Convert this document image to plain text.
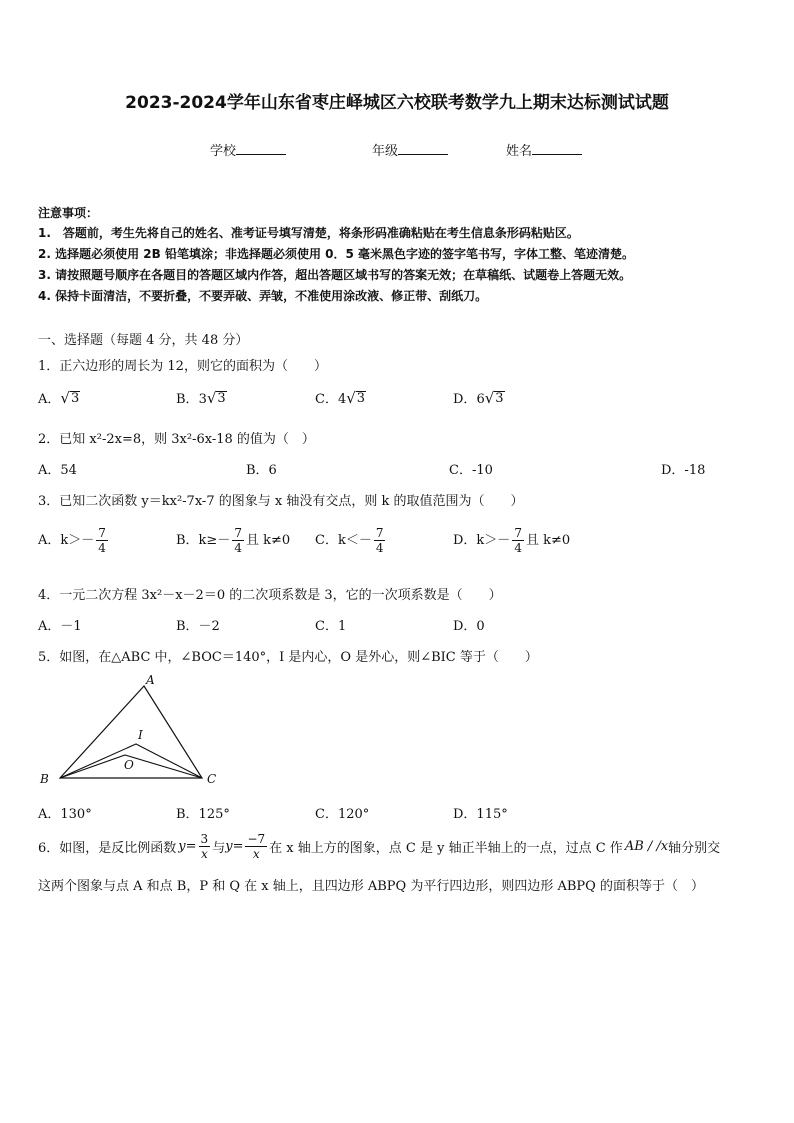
2023-2024学年山东省枣庄峄城区六校联考数学九上期末达标测试试题
学校	年级	姓名
注意事项：
1.　答题前，考生先将自己的姓名、准考证号填写清楚，将条形码准确粘贴在考生信息条形码粘贴区。
2. 选择题必须使用 2B 铅笔填涂；非选择题必须使用 0．5 毫米黑色字迹的签字笔书写，字体工整、笔迹清楚。
3. 请按照题号顺序在各题目的答题区域内作答，超出答题区域书写的答案无效；在草稿纸、试题卷上答题无效。
4. 保持卡面清洁，不要折叠，不要弄破、弄皱，不准使用涂改液、修正带、刮纸刀。
一、选择题（每题 4 分，共 48 分）
1．正六边形的周长为 12，则它的面积为（　　）
A． √ 3	B．3 √ 3	C．4 √ 3	D．6 √ 3
2．已知 x²-2x=8，则 3x²-6x-18 的值为（　）
A．54	B．6	C．-10	D．-18
3．已知二次函数 y＝kx²-7x-7 的图象与 x 轴没有交点，则 k 的取值范围为（　　）
A．$k>- \frac{7}{4}$	B．$k\ge- \frac{7}{4}$ 且 k≠0 C．$k<- \frac{7}{4}$	D．$k>- \frac{7}{4}$ 且 k≠0
4．一元二次方程 3x²－x－2＝0 的二次项系数是 3，它的一次项系数是（　　）
A．－1	B．－2	C．1	D．0
5．如图，在△ABC 中，∠BOC＝140°，I 是内心，O 是外心，则∠BIC 等于（　　）
A
B	C
I
O
A．130°	B．125°	C．120°	D．115°
6．如图，是反比例函数 $y = \frac{3}{x}$ 与 $y = \frac{-7}{x}$ 在 x 轴上方的图象，点 C 是 y 轴正半轴上的一点，过点 C 作 AB / /x 轴分别交
这两个图象与点 A 和点 B，P 和 Q 在 x 轴上，且四边形 ABPQ 为平行四边形，则四边形 ABPQ 的面积等于（　）
